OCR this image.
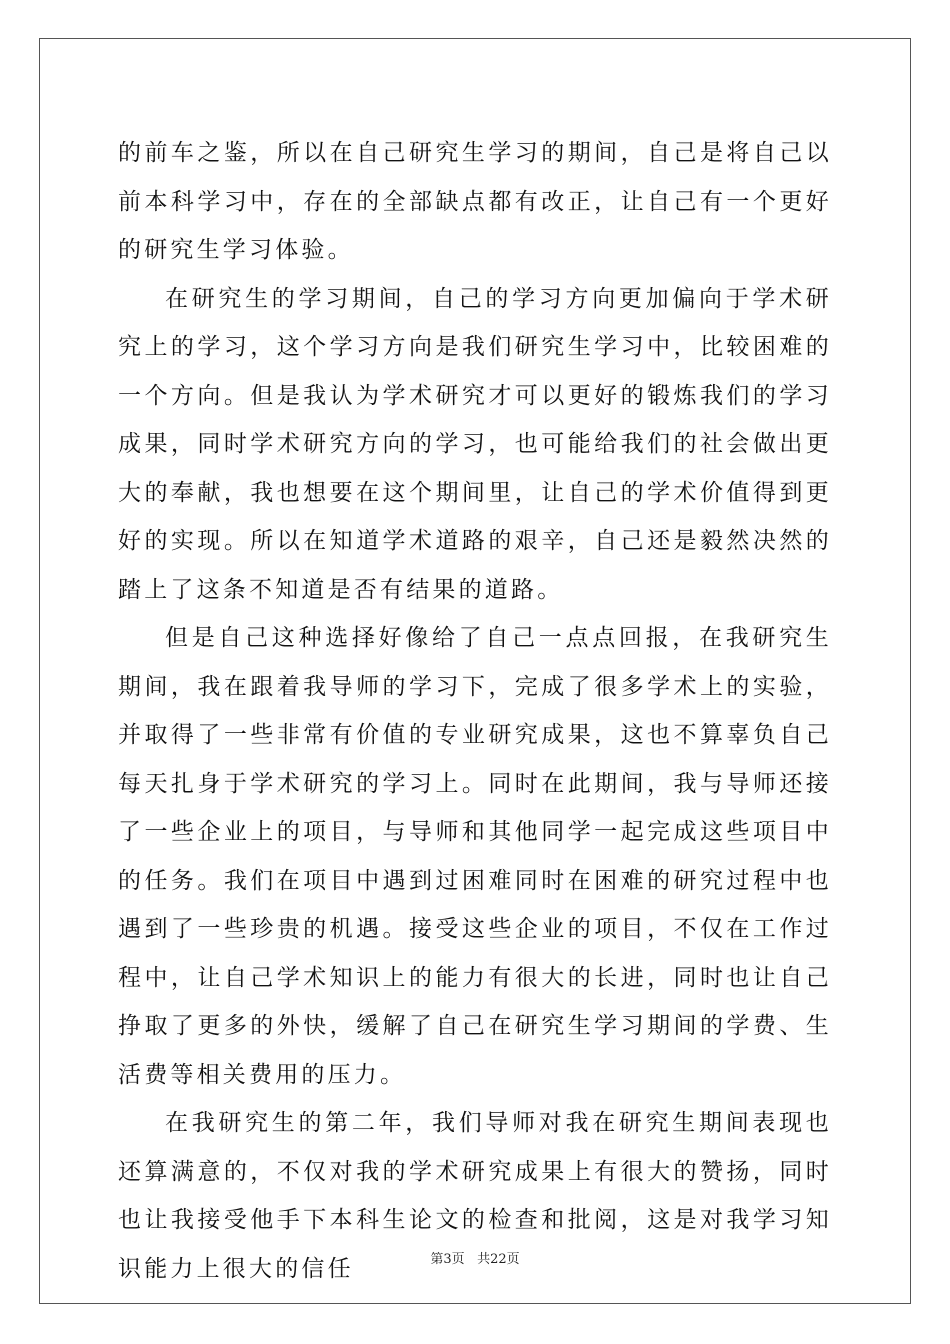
的前车之鉴，所以在自己研究生学习的期间，自己是将自己以前本科学习中，存在的全部缺点都有改正，让自己有一个更好的研究生学习体验。

在研究生的学习期间，自己的学习方向更加偏向于学术研究上的学习，这个学习方向是我们研究生学习中，比较困难的一个方向。但是我认为学术研究才可以更好的锻炼我们的学习成果，同时学术研究方向的学习，也可能给我们的社会做出更大的奉献，我也想要在这个期间里，让自己的学术价值得到更好的实现。所以在知道学术道路的艰辛，自己还是毅然决然的踏上了这条不知道是否有结果的道路。

但是自己这种选择好像给了自己一点点回报，在我研究生期间，我在跟着我导师的学习下，完成了很多学术上的实验，并取得了一些非常有价值的专业研究成果，这也不算辜负自己每天扎身于学术研究的学习上。同时在此期间，我与导师还接了一些企业上的项目，与导师和其他同学一起完成这些项目中的任务。我们在项目中遇到过困难同时在困难的研究过程中也遇到了一些珍贵的机遇。接受这些企业的项目，不仅在工作过程中，让自己学术知识上的能力有很大的长进，同时也让自己挣取了更多的外快，缓解了自己在研究生学习期间的学费、生活费等相关费用的压力。

在我研究生的第二年，我们导师对我在研究生期间表现也还算满意的，不仅对我的学术研究成果上有很大的赞扬，同时也让我接受他手下本科生论文的检查和批阅，这是对我学习知识能力上很大的信任	第3页 共22页
